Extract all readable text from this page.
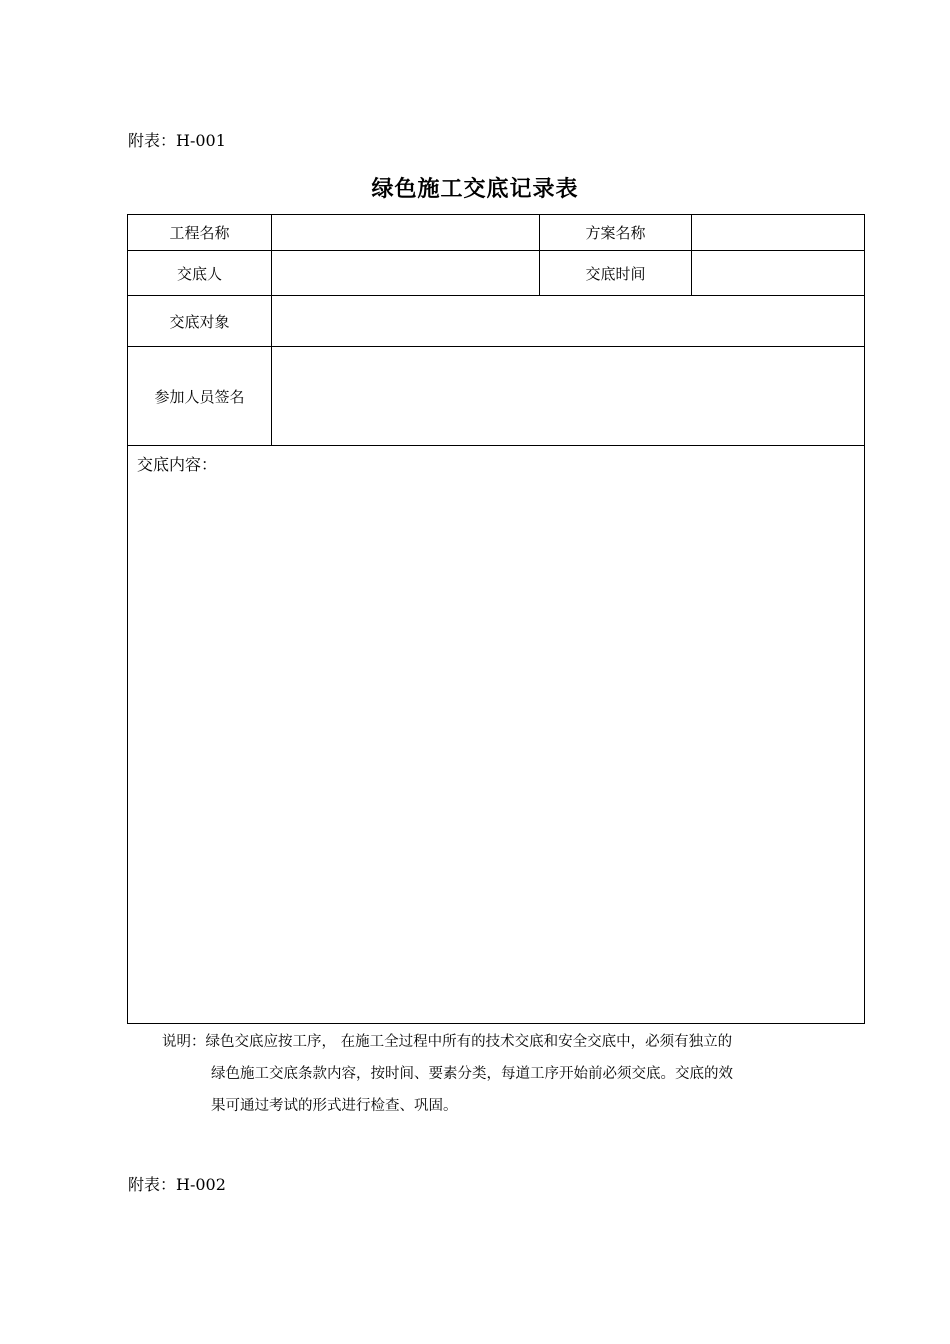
附表：H-001
绿色施工交底记录表
工程名称		方案名称	
交底人		交底时间	
交底对象			
参加人员签名			

交底内容：			
说明：绿色交底应按工序， 在施工全过程中所有的技术交底和安全交底中，必须有独立的
绿色施工交底条款内容，按时间、要素分类，每道工序开始前必须交底。交底的效
果可通过考试的形式进行检查、巩固。
附表：H-002
